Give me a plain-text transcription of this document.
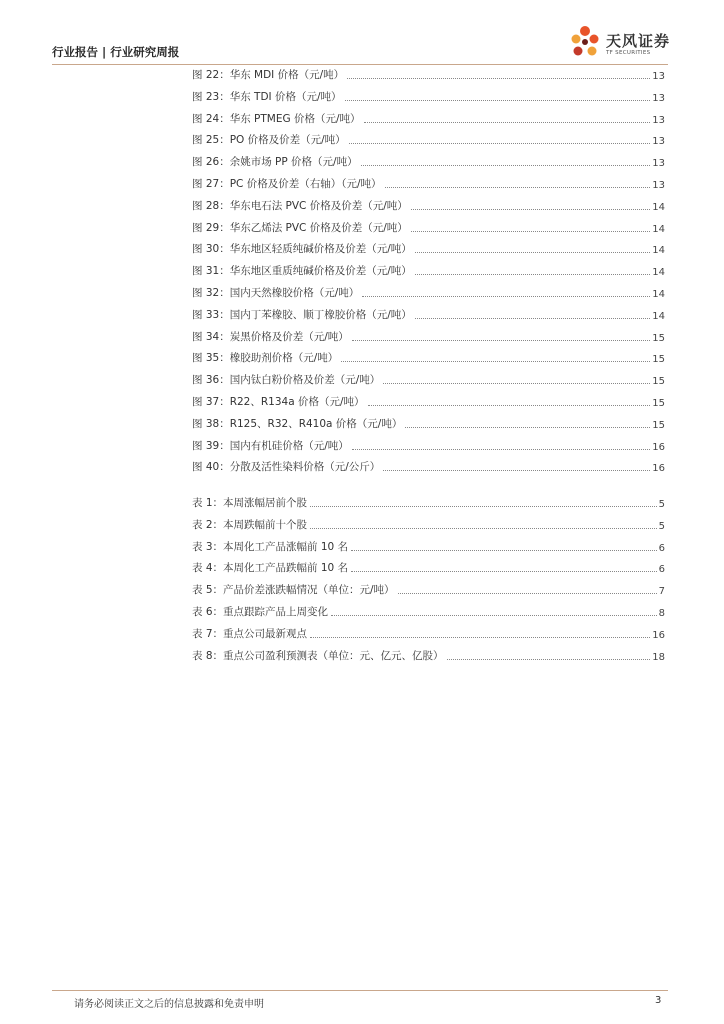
行业报告 | 行业研究周报
天风证券
TF SECURITIES
图 22：华东 MDI 价格（元/吨）	13
图 23：华东 TDI 价格（元/吨）	13
图 24：华东 PTMEG 价格（元/吨）	13
图 25：PO 价格及价差（元/吨）	13
图 26：余姚市场 PP 价格（元/吨）	13
图 27：PC 价格及价差（右轴）（元/吨）	13
图 28：华东电石法 PVC 价格及价差（元/吨）	14
图 29：华东乙烯法 PVC 价格及价差（元/吨）	14
图 30：华东地区轻质纯碱价格及价差（元/吨）	14
图 31：华东地区重质纯碱价格及价差（元/吨）	14
图 32：国内天然橡胶价格（元/吨）	14
图 33：国内丁苯橡胶、顺丁橡胶价格（元/吨）	14
图 34：炭黑价格及价差（元/吨）	15
图 35：橡胶助剂价格（元/吨）	15
图 36：国内钛白粉价格及价差（元/吨）	15
图 37：R22、R134a 价格（元/吨）	15
图 38：R125、R32、R410a 价格（元/吨）	15
图 39：国内有机硅价格（元/吨）	16
图 40：分散及活性染料价格（元/公斤）	16
表 1：本周涨幅居前个股	5
表 2：本周跌幅前十个股	5
表 3：本周化工产品涨幅前 10 名	6
表 4：本周化工产品跌幅前 10 名	6
表 5：产品价差涨跌幅情况（单位：元/吨）	7
表 6：重点跟踪产品上周变化	8
表 7：重点公司最新观点	16
表 8：重点公司盈利预测表（单位：元、亿元、亿股）	18
请务必阅读正文之后的信息披露和免责申明	3
